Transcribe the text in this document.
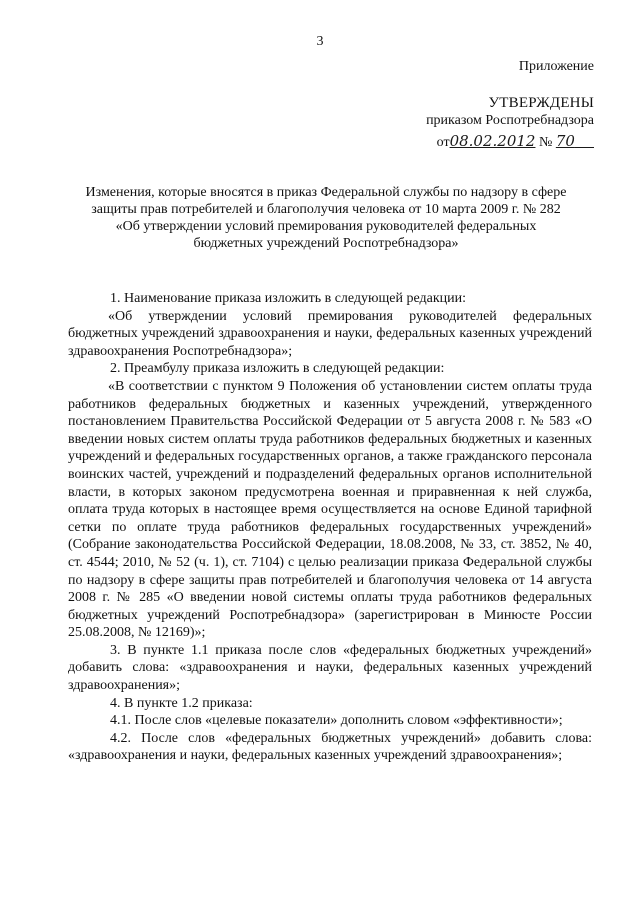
3
Приложение
УТВЕРЖДЕНЫ
приказом Роспотребнадзора
от08.02.2012 № 70
Изменения, которые вносятся в приказ Федеральной службы по надзору в сфере
защиты прав потребителей и благополучия человека от 10 марта 2009 г. № 282
«Об утверждении условий премирования руководителей федеральных
бюджетных учреждений Роспотребнадзора»

1. Наименование приказа изложить в следующей редакции:

«Об утверждении условий премирования руководителей федеральных бюджетных учреждений здравоохранения и науки, федеральных казенных учреждений здравоохранения Роспотребнадзора»;

2. Преамбулу приказа изложить в следующей редакции:

«В соответствии с пунктом 9 Положения об установлении систем оплаты труда работников федеральных бюджетных и казенных учреждений, утвержденного постановлением Правительства Российской Федерации от 5 августа 2008 г. № 583 «О введении новых систем оплаты труда работников федеральных бюджетных и казенных учреждений и федеральных государственных органов, а также гражданского персонала воинских частей, учреждений и подразделений федеральных органов исполнительной власти, в которых законом предусмотрена военная и приравненная к ней служба, оплата труда которых в настоящее время осуществляется на основе Единой тарифной сетки по оплате труда работников федеральных государственных учреждений» (Собрание законодательства Российской Федерации, 18.08.2008, № 33, ст. 3852, № 40, ст. 4544; 2010, № 52 (ч. 1), ст. 7104) с целью реализации приказа Федеральной службы по надзору в сфере защиты прав потребителей и благополучия человека от 14 августа 2008 г. № 285 «О введении новой системы оплаты труда работников федеральных бюджетных учреждений Роспотребнадзора» (зарегистрирован в Минюсте России 25.08.2008, № 12169)»;

3. В пункте 1.1 приказа после слов «федеральных бюджетных учреждений» добавить слова: «здравоохранения и науки, федеральных казенных учреждений здравоохранения»;

4. В пункте 1.2 приказа:

4.1. После слов «целевые показатели» дополнить словом «эффективности»;

4.2. После слов «федеральных бюджетных учреждений» добавить слова: «здравоохранения и науки, федеральных казенных учреждений здравоохранения»;
